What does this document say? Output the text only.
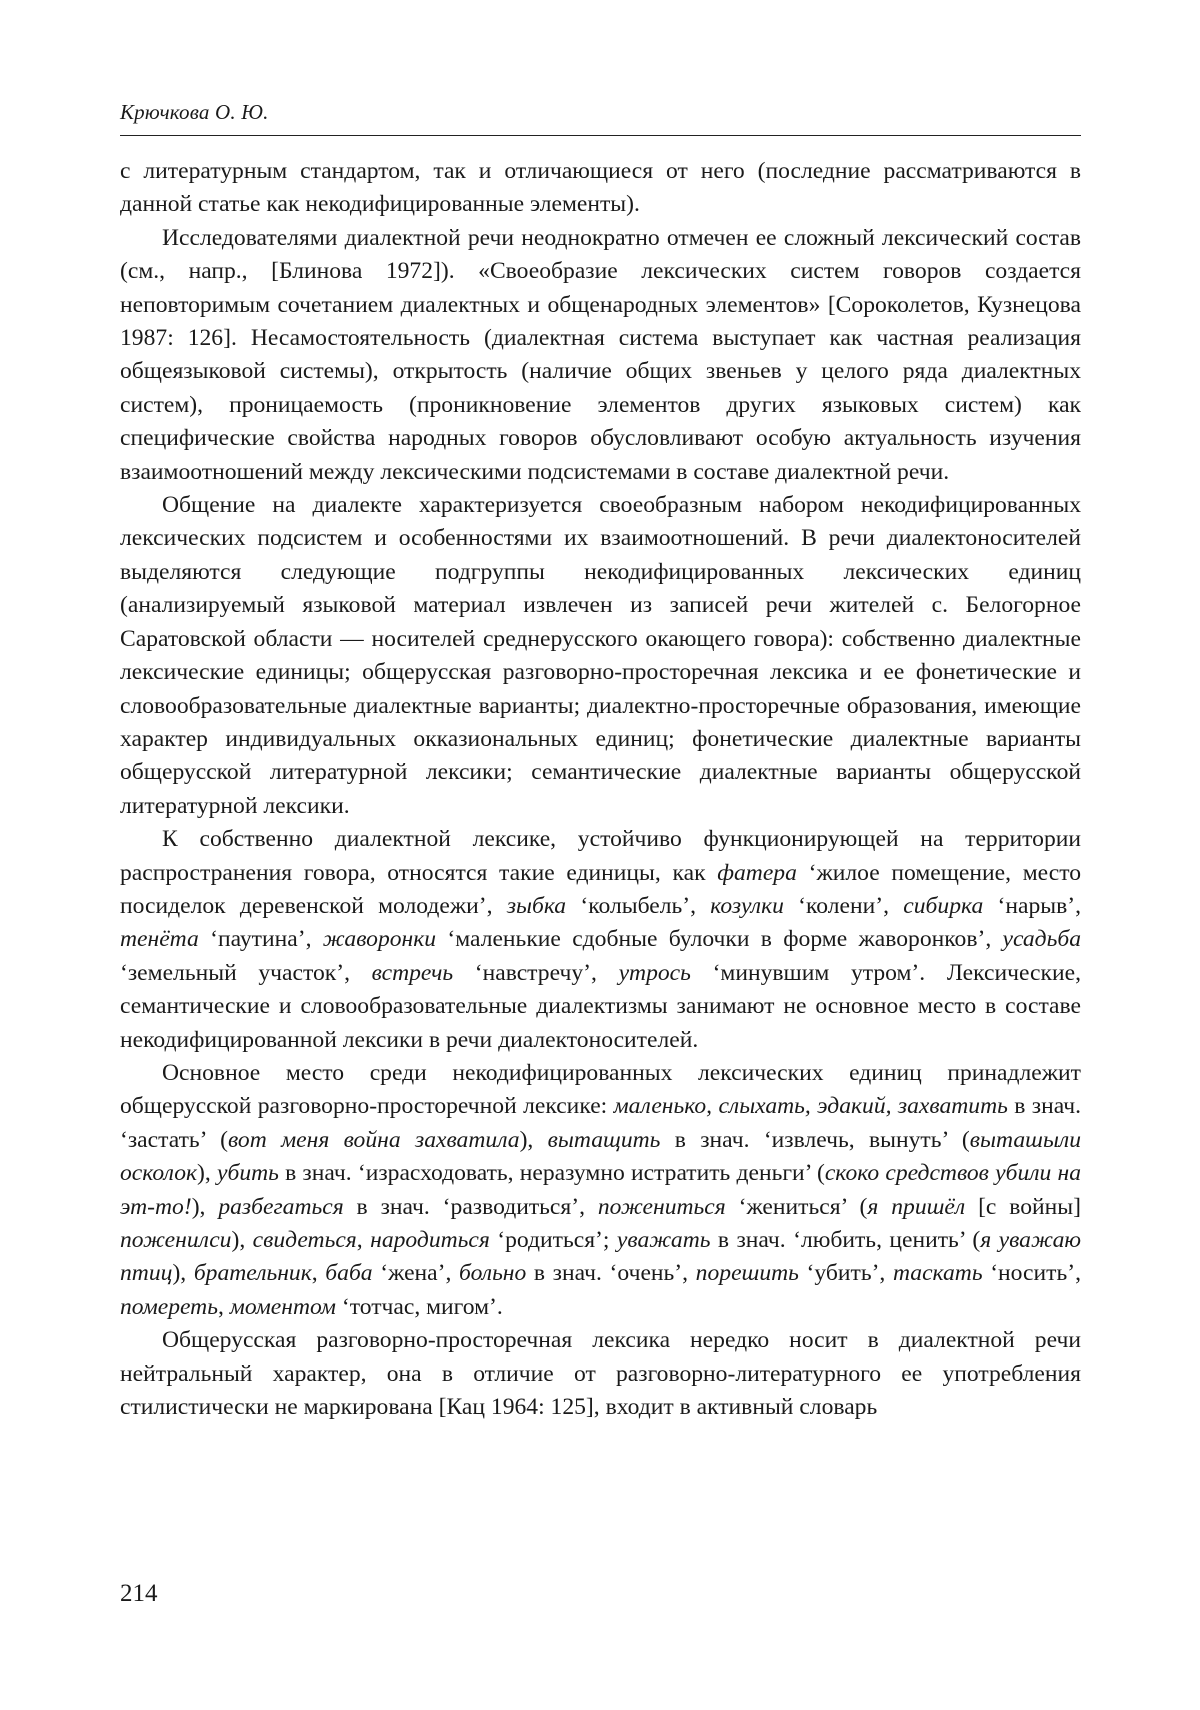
Крючкова О. Ю.

с литературным стандартом, так и отличающиеся от него (последние рассматриваются в данной статье как некодифицированные элементы).

Исследователями диалектной речи неоднократно отмечен ее сложный лексический состав (см., напр., [Блинова 1972]). «Своеобразие лексических систем говоров создается неповторимым сочетанием диалектных и общенародных элементов» [Сороколетов, Кузнецова 1987: 126]. Несамостоятельность (диалектная система выступает как частная реализация общеязыковой системы), открытость (наличие общих звеньев у целого ряда диалектных систем), проницаемость (проникновение элементов других языковых систем) как специфические свойства народных говоров обусловливают особую актуальность изучения взаимоотношений между лексическими подсистемами в составе диалектной речи.

Общение на диалекте характеризуется своеобразным набором некодифицированных лексических подсистем и особенностями их взаимоотношений. В речи диалектоносителей выделяются следующие подгруппы некодифицированных лексических единиц (анализируемый языковой материал извлечен из записей речи жителей с. Белогорное Саратовской области — носителей среднерусского окающего говора): собственно диалектные лексические единицы; общерусская разговорно-просторечная лексика и ее фонетические и словообразовательные диалектные варианты; диалектно-просторечные образования, имеющие характер индивидуальных окказиональных единиц; фонетические диалектные варианты общерусской литературной лексики; семантические диалектные варианты общерусской литературной лексики.

К собственно диалектной лексике, устойчиво функционирующей на территории распространения говора, относятся такие единицы, как фатера ‘жилое помещение, место посиделок деревенской молодежи’, зыбка ‘колыбель’, козулки ‘колени’, сибирка ‘нарыв’, тенёта ‘паутина’, жаворонки ‘маленькие сдобные булочки в форме жаворонков’, усадьба ‘земельный участок’, встречь ‘навстречу’, утрось ‘минувшим утром’. Лексические, семантические и словообразовательные диалектизмы занимают не основное место в составе некодифицированной лексики в речи диалектоносителей.

Основное место среди некодифицированных лексических единиц принадлежит общерусской разговорно-просторечной лексике: маленько, слыхать, эдакий, захватить в знач. ‘застать’ (вот меня война захватила), вытащить в знач. ‘извлечь, вынуть’ (выташыли осколок), убить в знач. ‘израсходовать, неразумно истратить деньги’ (скоко средствов убили на эт-то!), разбегаться в знач. ‘разводиться’, пожениться ‘жениться’ (я пришёл [с войны] поженилси), свидеться, народиться ‘родиться’; уважать в знач. ‘любить, ценить’ (я уважаю птиц), брательник, баба ‘жена’, больно в знач. ‘очень’, порешить ‘убить’, таскать ‘носить’, помереть, моментом ‘тотчас, мигом’.

Общерусская разговорно-просторечная лексика нередко носит в диалектной речи нейтральный характер, она в отличие от разговорно-литературного ее употребления стилистически не маркирована [Кац 1964: 125], входит в активный словарь

214
